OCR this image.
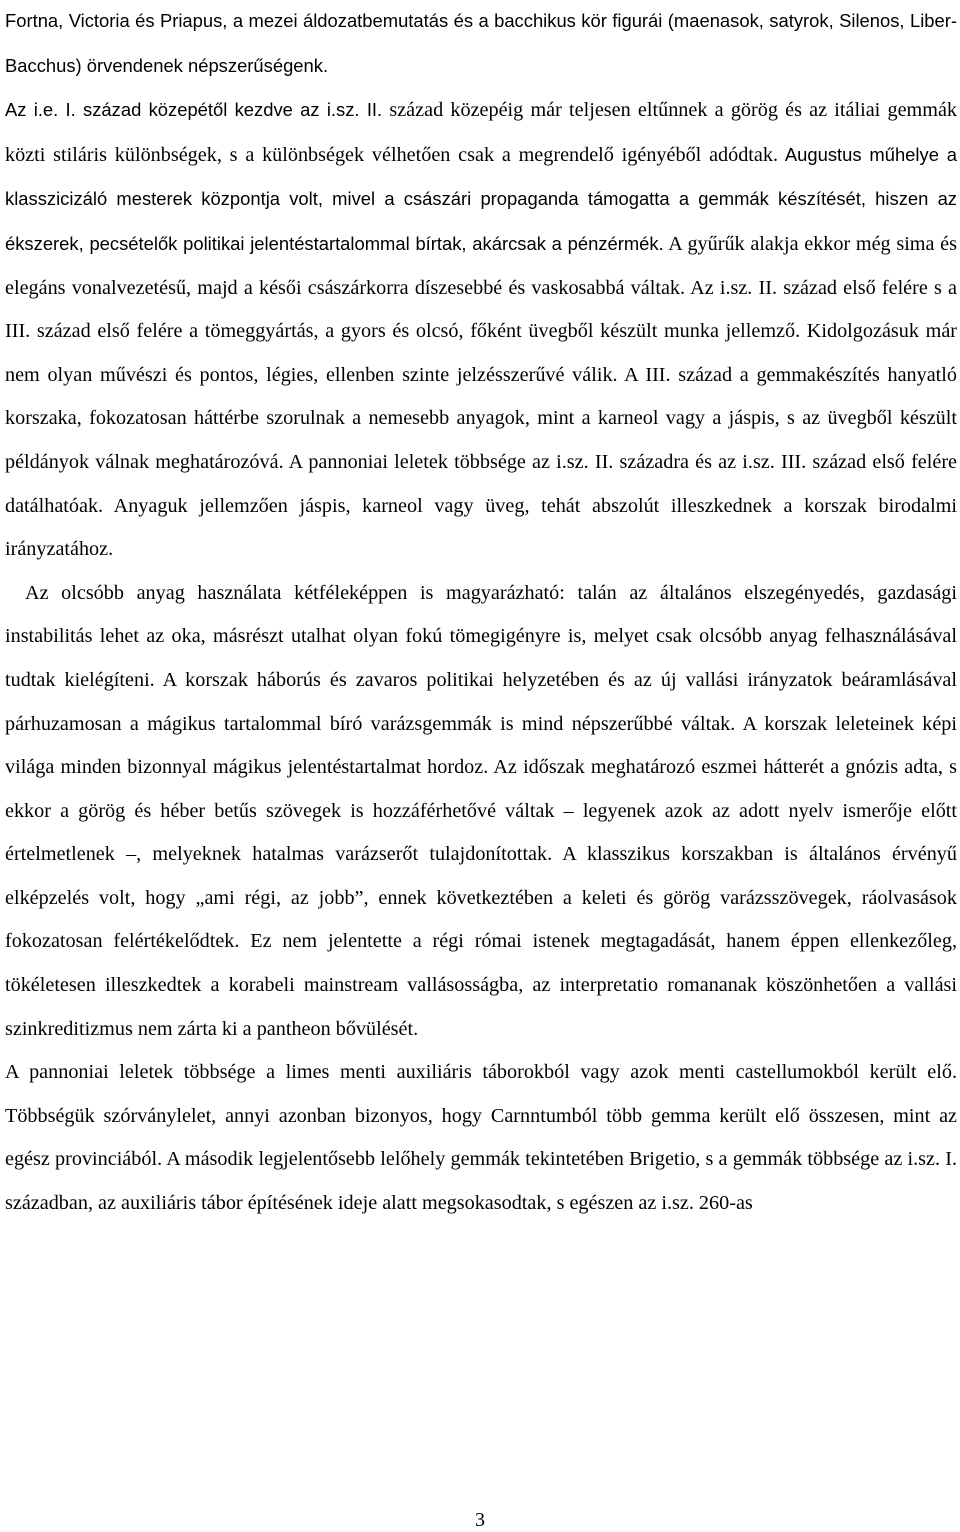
Fortna, Victoria és Priapus, a mezei áldozatbemutatás és a bacchikus kör figurái (maenasok, satyrok, Silenos, Liber-Bacchus) örvendenek népszerűségenk.
Az i.e. I. század közepétől kezdve az i.sz. II. század közepéig már teljesen eltűnnek a görög és az itáliai gemmák közti stiláris különbségek, s a különbségek vélhetően csak a megrendelő igényéből adódtak. Augustus műhelye a klasszicizáló mesterek központja volt, mivel a császári propaganda támogatta a gemmák készítését, hiszen az ékszerek, pecsételők politikai jelentéstartalommal bírtak, akárcsak a pénzérmék. A gyűrűk alakja ekkor még sima és elegáns vonalvezetésű, majd a késői császárkorra díszesebbé és vaskosabbá váltak. Az i.sz. II. század első felére s a III. század első felére a tömeggyártás, a gyors és olcsó, főként üvegből készült munka jellemző. Kidolgozásuk már nem olyan művészi és pontos, légies, ellenben szinte jelzésszerűvé válik. A III. század a gemmakészítés hanyatló korszaka, fokozatosan háttérbe szorulnak a nemesebb anyagok, mint a karneol vagy a jáspis, s az üvegből készült példányok válnak meghatározóvá. A pannoniai leletek többsége az i.sz. II. századra és az i.sz. III. század első felére datálhatóak. Anyaguk jellemzően jáspis, karneol vagy üveg, tehát abszolút illeszkednek a korszak birodalmi irányzatához.

Az olcsóbb anyag használata kétféleképpen is magyarázható: talán az általános elszegényedés, gazdasági instabilitás lehet az oka, másrészt utalhat olyan fokú tömegigényre is, melyet csak olcsóbb anyag felhasználásával tudtak kielégíteni. A korszak háborús és zavaros politikai helyzetében és az új vallási irányzatok beáramlásával párhuzamosan a mágikus tartalommal bíró varázsgemmák is mind népszerűbbé váltak. A korszak leleteinek képi világa minden bizonnyal mágikus jelentéstartalmat hordoz. Az időszak meghatározó eszmei hátterét a gnózis adta, s ekkor a görög és héber betűs szövegek is hozzáférhetővé váltak – legyenek azok az adott nyelv ismerője előtt értelmetlenek –, melyeknek hatalmas varázserőt tulajdonítottak. A klasszikus korszakban is általános érvényű elképzelés volt, hogy „ami régi, az jobb”, ennek következtében a keleti és görög varázsszövegek, ráolvasások fokozatosan felértékelődtek. Ez nem jelentette a régi római istenek megtagadását, hanem éppen ellenkezőleg, tökéletesen illeszkedtek a korabeli mainstream vallásosságba, az interpretatio romananak köszönhetően a vallási szinkreditizmus nem zárta ki a pantheon bővülését.

A pannoniai leletek többsége a limes menti auxiliáris táborokból vagy azok menti castellumokból került elő. Többségük szórványlelet, annyi azonban bizonyos, hogy Carnntumból több gemma került elő összesen, mint az egész provinciából. A második legjelentősebb lelőhely gemmák tekintetében Brigetio, s a gemmák többsége az i.sz. I. században, az auxiliáris tábor építésének ideje alatt megsokasodtak, s egészen az i.sz. 260-as

3
